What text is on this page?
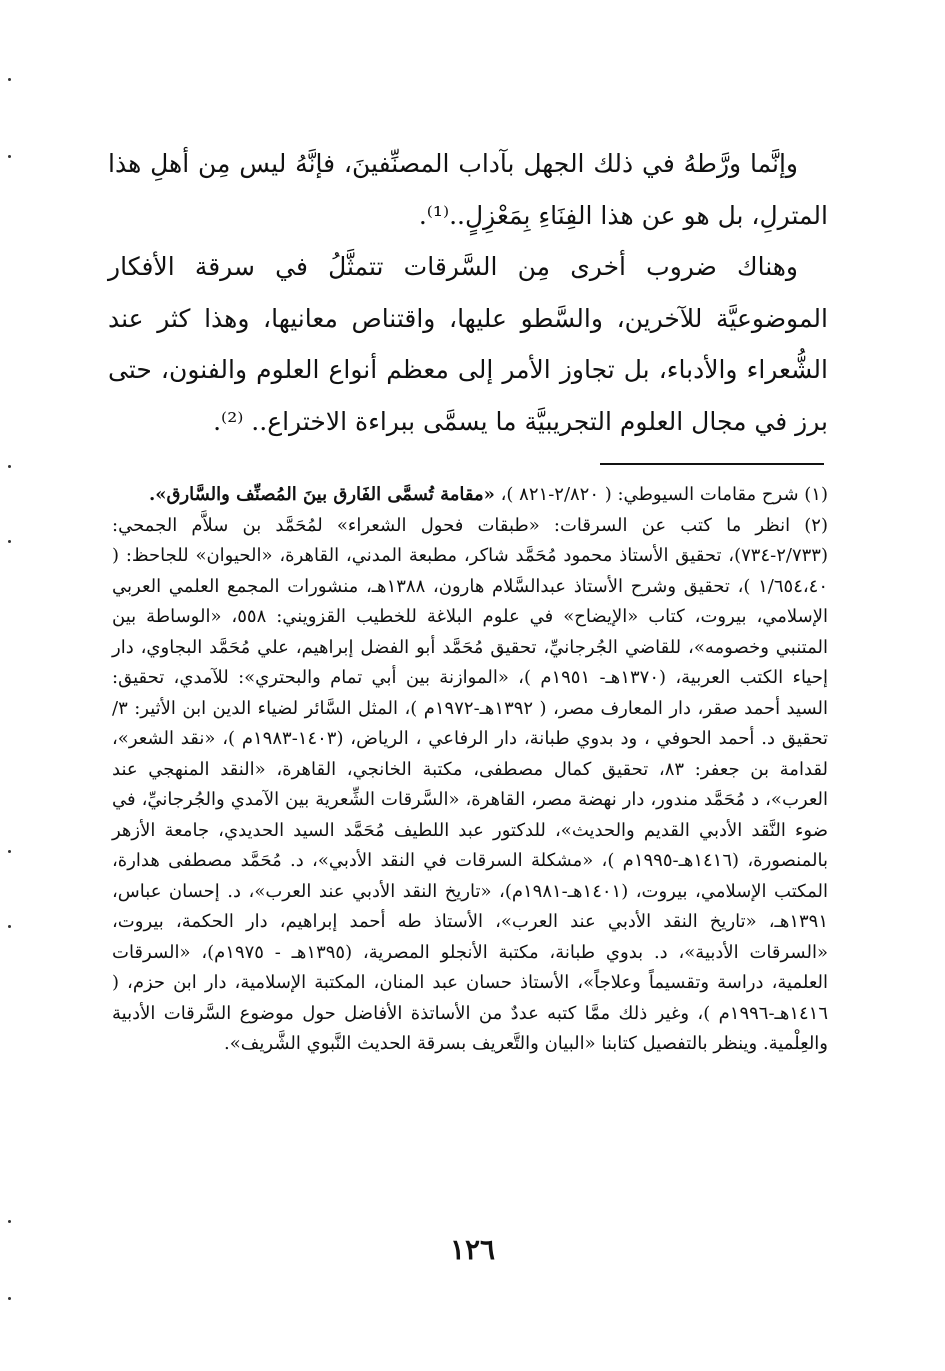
وإنَّما ورَّطهُ في ذلك الجهل بآداب المصنِّفينَ، فإنَّهُ ليس مِن أهلِ هذا المترلِ، بل هو عن هذا الفِنَاءِ بِمَعْزِلٍ..⁽¹⁾.

وهناك ضروب أخرى مِن السَّرقات تتمثَّلُ في سرقة الأفكار الموضوعيَّة للآخرين، والسَّطو عليها، واقتناص معانيها، وهذا كثر عند الشُّعراء والأدباء، بل تجاوز الأمر إلى معظم أنواع العلوم والفنون، حتى برز في مجال العلوم التجريبيَّة ما يسمَّى ببراءة الاختراع.. ⁽²⁾.

(١) شرح مقامات السيوطي: ( ٢/٨٢٠-٨٢١ )، «مقامة تُسمَّى الفَارق بينَ المُصنِّف والسَّارق».

(٢) انظر ما كتب عن السرقات: «طبقات فحول الشعراء» لمُحَمَّد بن سلاَّم الجمحي: (٢/٧٣٣-٧٣٤)، تحقيق الأستاذ محمود مُحَمَّد شاكر، مطبعة المدني، القاهرة، «الحيوان» للجاحظ: ( ١/٦٥٤،٤٠ )، تحقيق وشرح الأستاذ عبدالسَّلام هارون، ١٣٨٨هـ، منشورات المجمع العلمي العربي الإسلامي، بيروت، كتاب «الإيضاح» في علوم البلاغة للخطيب القزويني: ٥٥٨، «الوساطة بين المتنبي وخصومه»، للقاضي الجُرجانيِّ، تحقيق مُحَمَّد أبو الفضل إبراهيم، علي مُحَمَّد البجاوي، دار إحياء الكتب العربية، (١٣٧٠هـ- ١٩٥١م )، «الموازنة بين أبي تمام والبحتري»: للآمدي، تحقيق: السيد أحمد صقر، دار المعارف مصر، ( ١٣٩٢هـ-١٩٧٢م )، المثل السَّائر لضياء الدين ابن الأثير: ٣/ تحقيق د. أحمد الحوفي ، ود بدوي طبانة، دار الرفاعي ، الرياض، (١٤٠٣-١٩٨٣م )، «نقد الشعر»، لقدامة بن جعفر: ٨٣، تحقيق كمال مصطفى، مكتبة الخانجي، القاهرة، «النقد المنهجي عند العرب»، د مُحَمَّد مندور، دار نهضة مصر، القاهرة، «السَّرقات الشِّعرية بين الآمدي والجُرجانيِّ، في ضوء النَّقد الأدبي القديم والحديث»، للدكتور عبد اللطيف مُحَمَّد السيد الحديدي، جامعة الأزهر بالمنصورة، (١٤١٦هـ-١٩٩٥م )، «مشكلة السرقات في النقد الأدبي»، د. مُحَمَّد مصطفى هدارة، المكتب الإسلامي، بيروت، (١٤٠١هـ-١٩٨١م)، «تاريخ النقد الأدبي عند العرب»، د. إحسان عباس، ١٣٩١هـ، «تاريخ النقد الأدبي عند العرب»، الأستاذ طه أحمد إبراهيم، دار الحكمة، بيروت، «السرقات الأدبية»، د. بدوي طبانة، مكتبة الأنجلو المصرية، (١٣٩٥هـ - ١٩٧٥م)، «السرقات العلمية، دراسة وتقسيماً وعلاجاً»، الأستاذ حسان عبد المنان، المكتبة الإسلامية، دار ابن حزم، ( ١٤١٦هـ-١٩٩٦م )، وغير ذلك ممَّا كتبه عددٌ من الأساتذة الأفاضل حول موضوع السَّرقات الأدبية والعِلْمية. وينظر بالتفصيل كتابنا «البيان والتَّعريف بسرقة الحديث النَّبوي الشَّريف».

١٢٦
